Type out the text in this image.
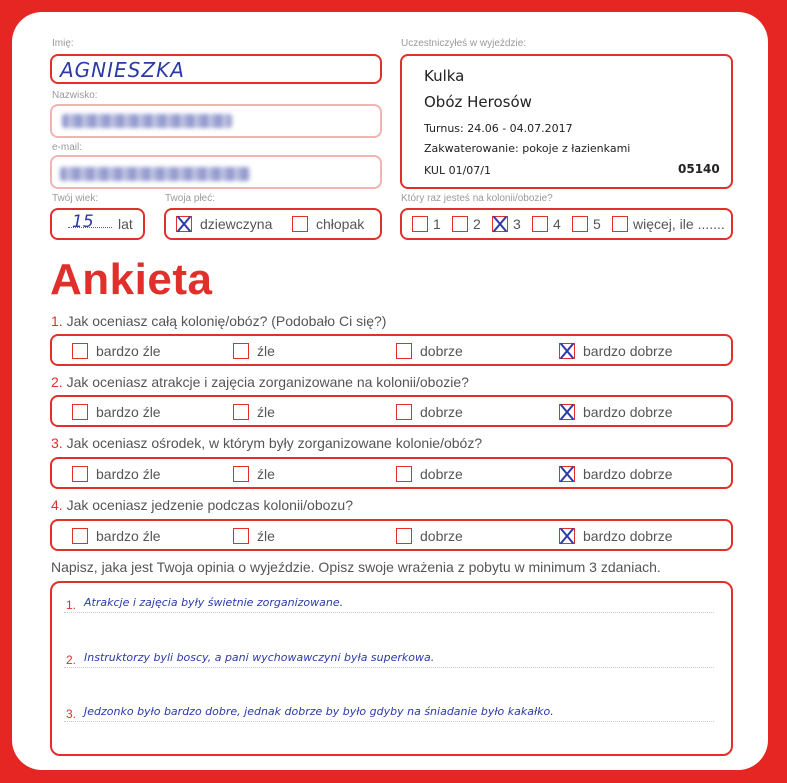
Imię:
AGNIESZKA
Nazwisko:
e-mail:
Twój wiek:
15 lat
Twoja płeć:
dziewczyna	chłopak
Uczestniczyłeś w wyjeździe:
Kulka
Obóz Herosów
Turnus: 24.06 - 04.07.2017
Zakwaterowanie: pokoje z łazienkami
KUL 01/07/1	05140
Który raz jesteś na kolonii/obozie?
1 2 3 4 5 więcej, ile .......
Ankieta
1. Jak oceniasz całą kolonię/obóz? (Podobało Ci się?)
bardzo źle	źle	dobrze	bardzo dobrze
2. Jak oceniasz atrakcje i zajęcia zorganizowane na kolonii/obozie?
bardzo źle	źle	dobrze	bardzo dobrze
3. Jak oceniasz ośrodek, w którym były zorganizowane kolonie/obóz?
bardzo źle	źle	dobrze	bardzo dobrze
4. Jak oceniasz jedzenie podczas kolonii/obozu?
bardzo źle	źle	dobrze	bardzo dobrze
Napisz, jaka jest Twoja opinia o wyjeździe. Opisz swoje wrażenia z pobytu w minimum 3 zdaniach.
1. Atrakcje i zajęcia były świetnie zorganizowane.
2. Instruktorzy byli boscy, a pani wychowawczyni była superkowa.
3. Jedzonko było bardzo dobre, jednak dobrze by było gdyby na śniadanie było kakałko.
